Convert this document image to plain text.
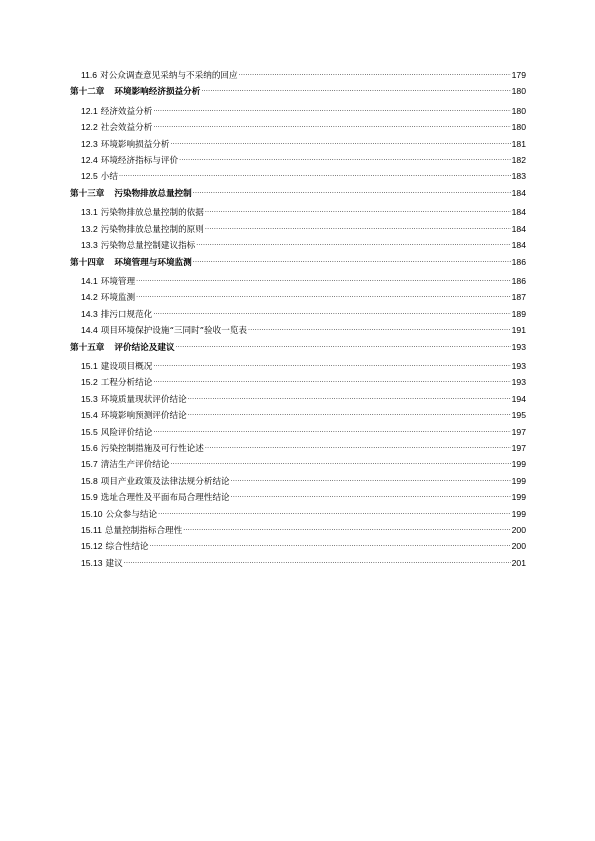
11.6 对公众调查意见采纳与不采纳的回应 .....	179
第十二章 环境影响经济损益分析 .....	180
12.1 经济效益分析 .....	180
12.2 社会效益分析 .....	180
12.3 环境影响损益分析 .....	181
12.4 环境经济指标与评价 .....	182
12.5 小结 .....	183
第十三章 污染物排放总量控制 .....	184
13.1 污染物排放总量控制的依据 .....	184
13.2 污染物排放总量控制的原则 .....	184
13.3 污染物总量控制建议指标 .....	184
第十四章 环境管理与环境监测 .....	186
14.1 环境管理 .....	186
14.2 环境监测 .....	187
14.3 排污口规范化 .....	189
14.4 项目环境保护设施“三同时”验收一览表 .....	191
第十五章 评价结论及建议 .....	193
15.1 建设项目概况 .....	193
15.2 工程分析结论 .....	193
15.3 环境质量现状评价结论 .....	194
15.4 环境影响预测评价结论 .....	195
15.5 风险评价结论 .....	197
15.6 污染控制措施及可行性论述 .....	197
15.7 清洁生产评价结论 .....	199
15.8 项目产业政策及法律法规分析结论 .....	199
15.9 选址合理性及平面布局合理性结论 .....	199
15.10 公众参与结论 .....	199
15.11 总量控制指标合理性 .....	200
15.12 综合性结论 .....	200
15.13 建议 .....	201
